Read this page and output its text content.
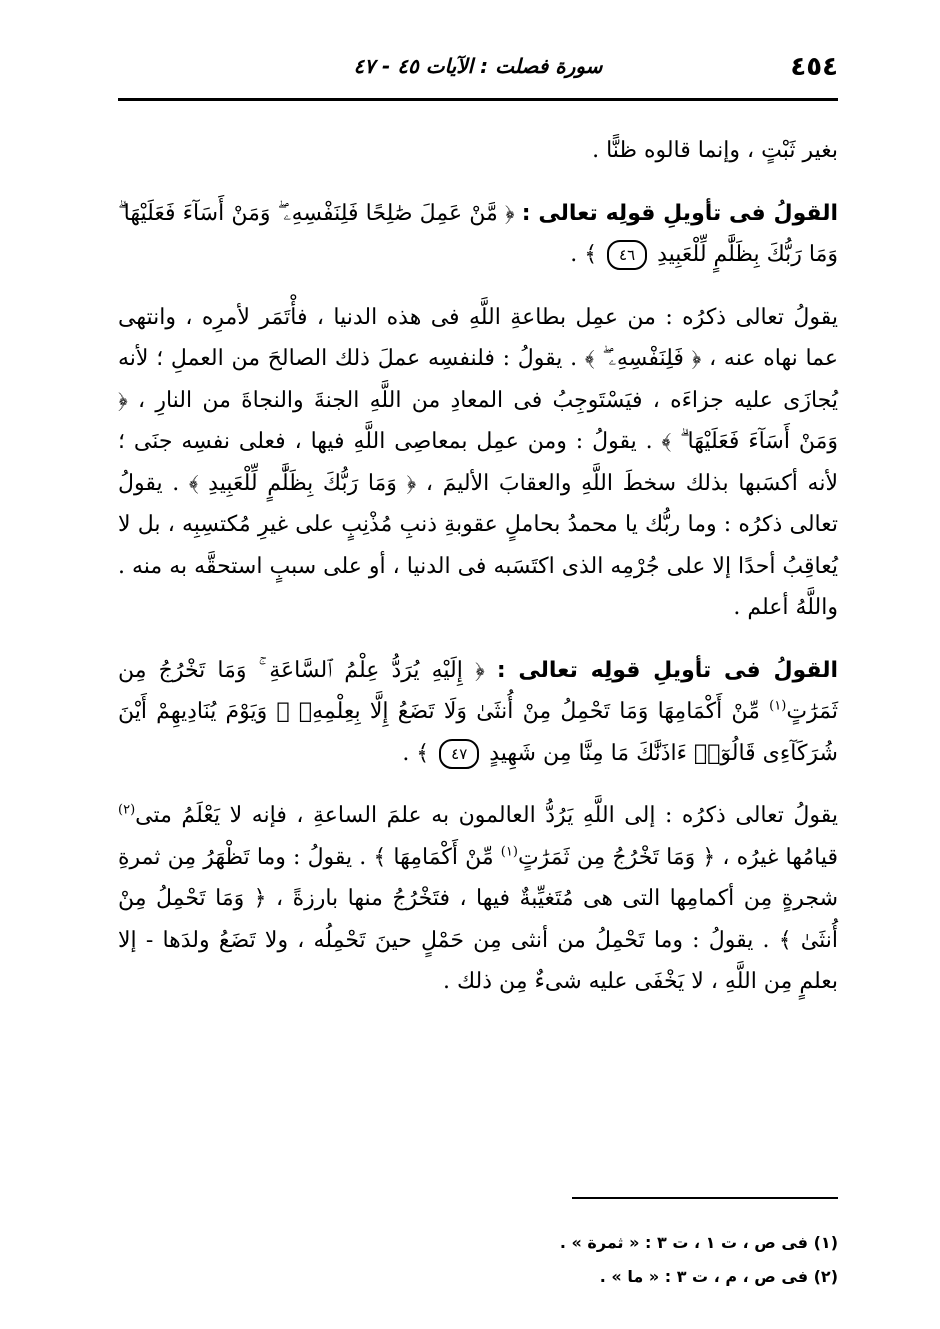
٤٥٤
سورة فصلت : الآيات ٤٥ - ٤٧

بغير ثَبْتٍ ، وإنما قالوه ظنًّا .

القولُ فى تأويلِ قولِه تعالى : ﴿ مَّنْ عَمِلَ صَٰلِحًا فَلِنَفْسِهِۦ ۖ وَمَنْ أَسَآءَ فَعَلَيْهَا ۗ وَمَا رَبُّكَ بِظَلَّٰمٍ لِّلْعَبِيدِ ٤٦ ﴾ .

يقولُ تعالى ذكرُه : من عمِل بطاعةِ اللَّهِ فى هذه الدنيا ، فأْتَمَر لأمرِه ، وانتهى عما نهاه عنه ، ﴿ فَلِنَفْسِهِۦ ۖ ﴾ . يقولُ : فلنفسِه عملَ ذلك الصالحَ من العملِ ؛ لأنه يُجازَى عليه جزاءَه ، فيَسْتَوجِبُ فى المعادِ من اللَّهِ الجنةَ والنجاةَ من النارِ ، ﴿ وَمَنْ أَسَآءَ فَعَلَيْهَا ۗ ﴾ . يقولُ : ومن عمِل بمعاصِى اللَّهِ فيها ، فعلى نفسِه جنَى ؛ لأنه أكسَبها بذلك سخطَ اللَّهِ والعقابَ الأليمَ ، ﴿ وَمَا رَبُّكَ بِظَلَّٰمٍ لِّلْعَبِيدِ ﴾ . يقولُ تعالى ذكرُه : وما ربُّك يا محمدُ بحاملٍ عقوبةِ ذنبِ مُذْنِبٍ على غيرِ مُكتسِبِه ، بل لا يُعاقِبُ أحدًا إلا على جُرْمِه الذى اكتَسَبه فى الدنيا ، أو على سببٍ استحقَّه به منه . واللَّهُ أعلم .

القولُ فى تأويلِ قولِه تعالى : ﴿ إِلَيْهِ يُرَدُّ عِلْمُ ٱلسَّاعَةِ ۚ وَمَا تَخْرُجُ مِن ثَمَرَٰتٍ$^{(١)}$ مِّنْ أَكْمَامِهَا وَمَا تَحْمِلُ مِنْ أُنثَىٰ وَلَا تَضَعُ إِلَّا بِعِلْمِهِۦ ۚ وَيَوْمَ يُنَادِيهِمْ أَيْنَ شُرَكَآءِى قَالُوٓا۟ ءَاذَنَّٰكَ مَا مِنَّا مِن شَهِيدٍ ٤٧ ﴾ .

يقولُ تعالى ذكرُه : إلى اللَّهِ يَرُدُّ العالمون به علمَ الساعةِ ، فإنه لا يَعْلَمُ متى$^{(٢)}$ قيامُها غيرُه ، ﴿ وَمَا تَخْرُجُ مِن ثَمَرَٰتٍ$^{(١)}$ مِّنْ أَكْمَامِهَا ﴾ . يقولُ : وما تَظْهَرُ مِن ثمرةِ شجرةٍ مِن أكمامِها التى هى مُتَغيِّبةٌ فيها ، فتَخْرُجُ منها بارزةً ، ﴿ وَمَا تَحْمِلُ مِنْ أُنثَىٰ ﴾ . يقولُ : وما تَحْمِلُ من أنثى مِن حَمْلٍ حينَ تَحْمِلُه ، ولا تَضَعُ ولدَها - إلا بعلمٍ مِن اللَّهِ ، لا يَخْفَى عليه شىءٌ مِن ذلك .

(١) فى ص ، ت ١ ، ت ٣ : « ثمرة » .

(٢) فى ص ، م ، ت ٣ : « ما » .
